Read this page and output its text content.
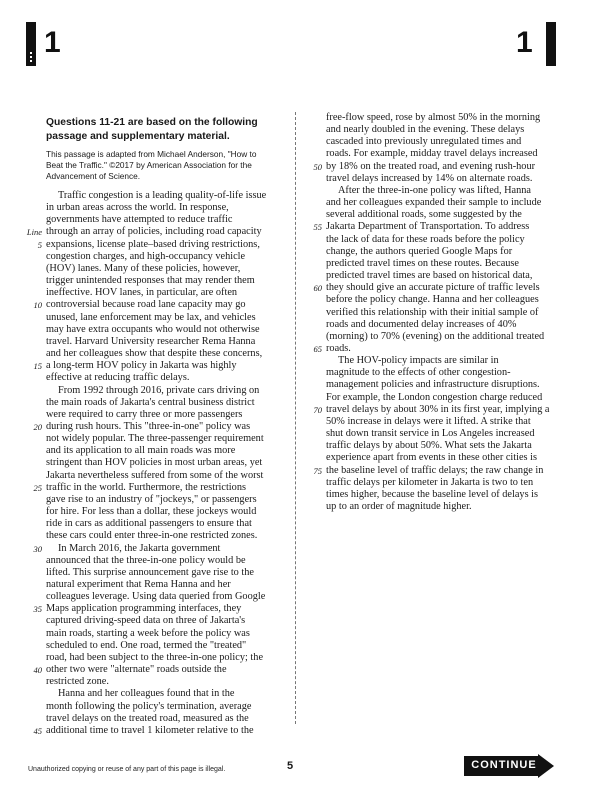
1	1

Questions 11-21 are based on the following passage and supplementary material.

This passage is adapted from Michael Anderson, "How to Beat the Traffic." ©2017 by American Association for the Advancement of Science.

Traffic congestion is a leading quality-of-life issue
in urban areas across the world. In response,
governments have attempted to reduce traffic
Line through an array of policies, including road capacity
5 expansions, license plate–based driving restrictions,
congestion charges, and high-occupancy vehicle
(HOV) lanes. Many of these policies, however,
trigger unintended responses that may render them
ineffective. HOV lanes, in particular, are often
10 controversial because road lane capacity may go
unused, lane enforcement may be lax, and vehicles
may have extra occupants who would not otherwise
travel. Harvard University researcher Rema Hanna
and her colleagues show that despite these concerns,
15 a long-term HOV policy in Jakarta was highly
effective at reducing traffic delays.
From 1992 through 2016, private cars driving on
the main roads of Jakarta's central business district
were required to carry three or more passengers
20 during rush hours. This "three-in-one" policy was
not widely popular. The three-passenger requirement
and its application to all main roads was more
stringent than HOV policies in most urban areas, yet
Jakarta nevertheless suffered from some of the worst
25 traffic in the world. Furthermore, the restrictions
gave rise to an industry of "jockeys," or passengers
for hire. For less than a dollar, these jockeys would
ride in cars as additional passengers to ensure that
these cars could enter three-in-one restricted zones.
30 In March 2016, the Jakarta government
announced that the three-in-one policy would be
lifted. This surprise announcement gave rise to the
natural experiment that Rema Hanna and her
colleagues leverage. Using data queried from Google
35 Maps application programming interfaces, they
captured driving-speed data on three of Jakarta's
main roads, starting a week before the policy was
scheduled to end. One road, termed the "treated"
road, had been subject to the three-in-one policy; the
40 other two were "alternate" roads outside the
restricted zone.
Hanna and her colleagues found that in the
month following the policy's termination, average
travel delays on the treated road, measured as the
45 additional time to travel 1 kilometer relative to the
free-flow speed, rose by almost 50% in the morning
and nearly doubled in the evening. These delays
cascaded into previously unregulated times and
roads. For example, midday travel delays increased
50 by 18% on the treated road, and evening rush-hour
travel delays increased by 14% on alternate roads.
After the three-in-one policy was lifted, Hanna
and her colleagues expanded their sample to include
several additional roads, some suggested by the
55 Jakarta Department of Transportation. To address
the lack of data for these roads before the policy
change, the authors queried Google Maps for
predicted travel times on these routes. Because
predicted travel times are based on historical data,
60 they should give an accurate picture of traffic levels
before the policy change. Hanna and her colleagues
verified this relationship with their initial sample of
roads and documented delay increases of 40%
(morning) to 70% (evening) on the additional treated
65 roads.
The HOV-policy impacts are similar in
magnitude to the effects of other congestion-
management policies and infrastructure disruptions.
For example, the London congestion charge reduced
70 travel delays by about 30% in its first year, implying a
50% increase in delays were it lifted. A strike that
shut down transit service in Los Angeles increased
traffic delays by about 50%. What sets the Jakarta
experience apart from events in these other cities is
75 the baseline level of traffic delays; the raw change in
traffic delays per kilometer in Jakarta is two to ten
times higher, because the baseline level of delays is
up to an order of magnitude higher.
Unauthorized copying or reuse of any part of this page is illegal.	5	CONTINUE
